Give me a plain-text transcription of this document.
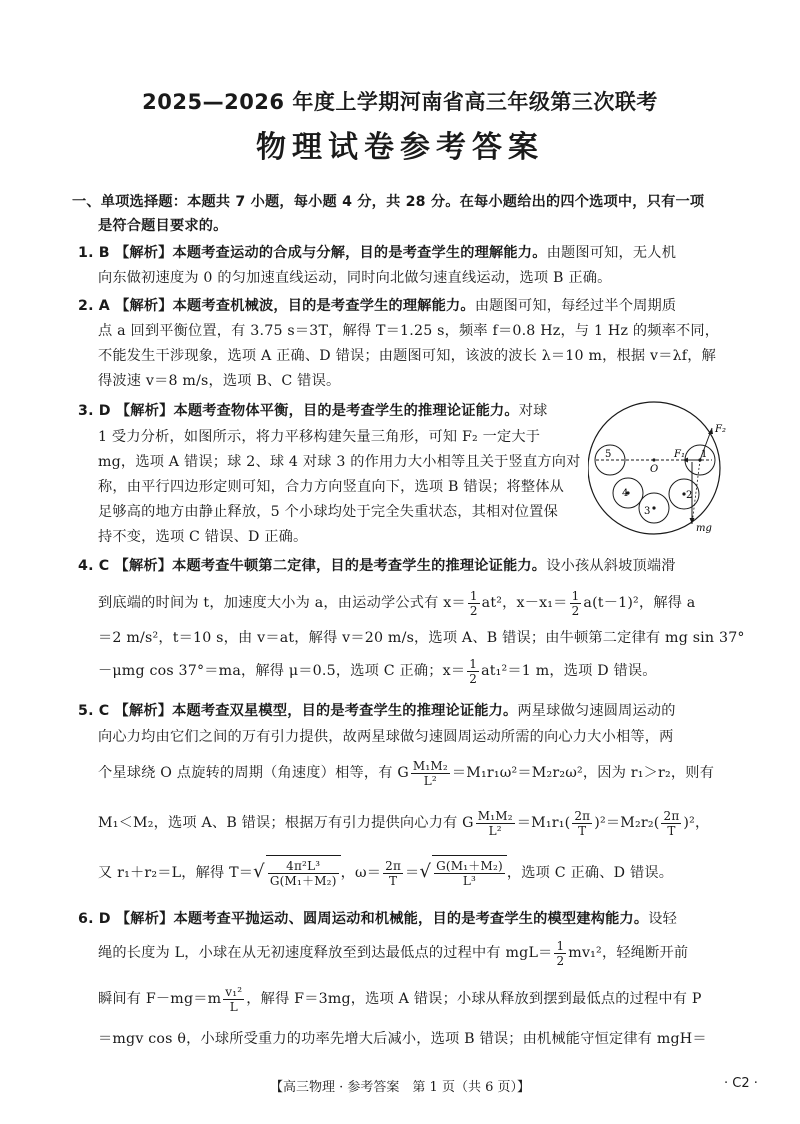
2025—2026 年度上学期河南省高三年级第三次联考
物理试卷参考答案
一、单项选择题：本题共 7 小题，每小题 4 分，共 28 分。在每小题给出的四个选项中，只有一项
是符合题目要求的。
1. B 【解析】本题考查运动的合成与分解，目的是考查学生的理解能力。由题图可知，无人机
向东做初速度为 0 的匀加速直线运动，同时向北做匀速直线运动，选项 B 正确。
2. A 【解析】本题考查机械波，目的是考查学生的理解能力。由题图可知，每经过半个周期质
点 a 回到平衡位置，有 3.75 s＝3T，解得 T＝1.25 s，频率 f＝0.8 Hz，与 1 Hz 的频率不同，
不能发生干涉现象，选项 A 正确、D 错误；由题图可知，该波的波长 λ＝10 m，根据 v＝λf，解
得波速 v＝8 m/s，选项 B、C 错误。
3. D 【解析】本题考查物体平衡，目的是考查学生的推理论证能力。对球
1 受力分析，如图所示，将力平移构建矢量三角形，可知 F₂ 一定大于
mg，选项 A 错误；球 2、球 4 对球 3 的作用力大小相等且关于竖直方向对
称，由平行四边形定则可知，合力方向竖直向下，选项 B 错误；将整体从
足够高的地方由静止释放，5 个小球均处于完全失重状态，其相对位置保
持不变，选项 C 错误、D 正确。
F₂
5
O
F₁ 1
4	2
3
mg
4. C 【解析】本题考查牛顿第二定律，目的是考查学生的推理论证能力。设小孩从斜坡顶端滑
到底端的时间为 t，加速度大小为 a，由运动学公式有 $x= \frac{1}{2} at^2$，$x-x_1= \frac{1}{2} a(t-1)^2$，解得 a
＝2 m/s²，t＝10 s，由 v＝at，解得 v＝20 m/s，选项 A、B 错误；由牛顿第二定律有 mg sin 37°
－μmg cos 37°＝ma，解得 μ＝0.5，选项 C 正确；$x= \frac{1}{2} at_1^2=1$ m，选项 D 错误。
5. C 【解析】本题考查双星模型，目的是考查学生的推理论证能力。两星球做匀速圆周运动的
向心力均由它们之间的万有引力提供，故两星球做匀速圆周运动所需的向心力大小相等，两
个星球绕 O 点旋转的周期（角速度）相等，有 G $\frac{\text{M₁M₂}}{\text{L²}} =M_1r_1\omega^2=M_2r_2\omega^2$，因为 r₁＞r₂，则有
M₁＜M₂，选项 A、B 错误；根据万有引力提供向心力有 G $\frac{\text{M₁M₂}}{\text{L²}} =M_1r_1( \frac{2\pi}{T} )^2=M_2r_2( \frac{2\pi}{T} )^2$，
又 r₁＋r₂＝L，解得 $T=√ \frac{\text{4π²L³}}{\text{G(M₁＋M₂)}}$ ，$\omega= \frac{2\pi}{T}$ ＝√ $\frac{\text{G(M₁＋M₂)}}{\text{L³}}$ ，选项 C 正确、D 错误。
6. D 【解析】本题考查平抛运动、圆周运动和机械能，目的是考查学生的模型建构能力。设轻
绳的长度为 L，小球在从无初速度释放至到达最低点的过程中有 $mgL= \frac{1}{2} mv_1^2$，轻绳断开前
瞬间有 $F-mg=m \frac{\text{v₁²}}{L}$ ，解得 F＝3mg，选项 A 错误；小球从释放到摆到最低点的过程中有 P
＝mgv cos θ，小球所受重力的功率先增大后减小，选项 B 错误；由机械能守恒定律有 mgH＝
【高三物理 · 参考答案　第 1 页（共 6 页）】	· C2 ·
